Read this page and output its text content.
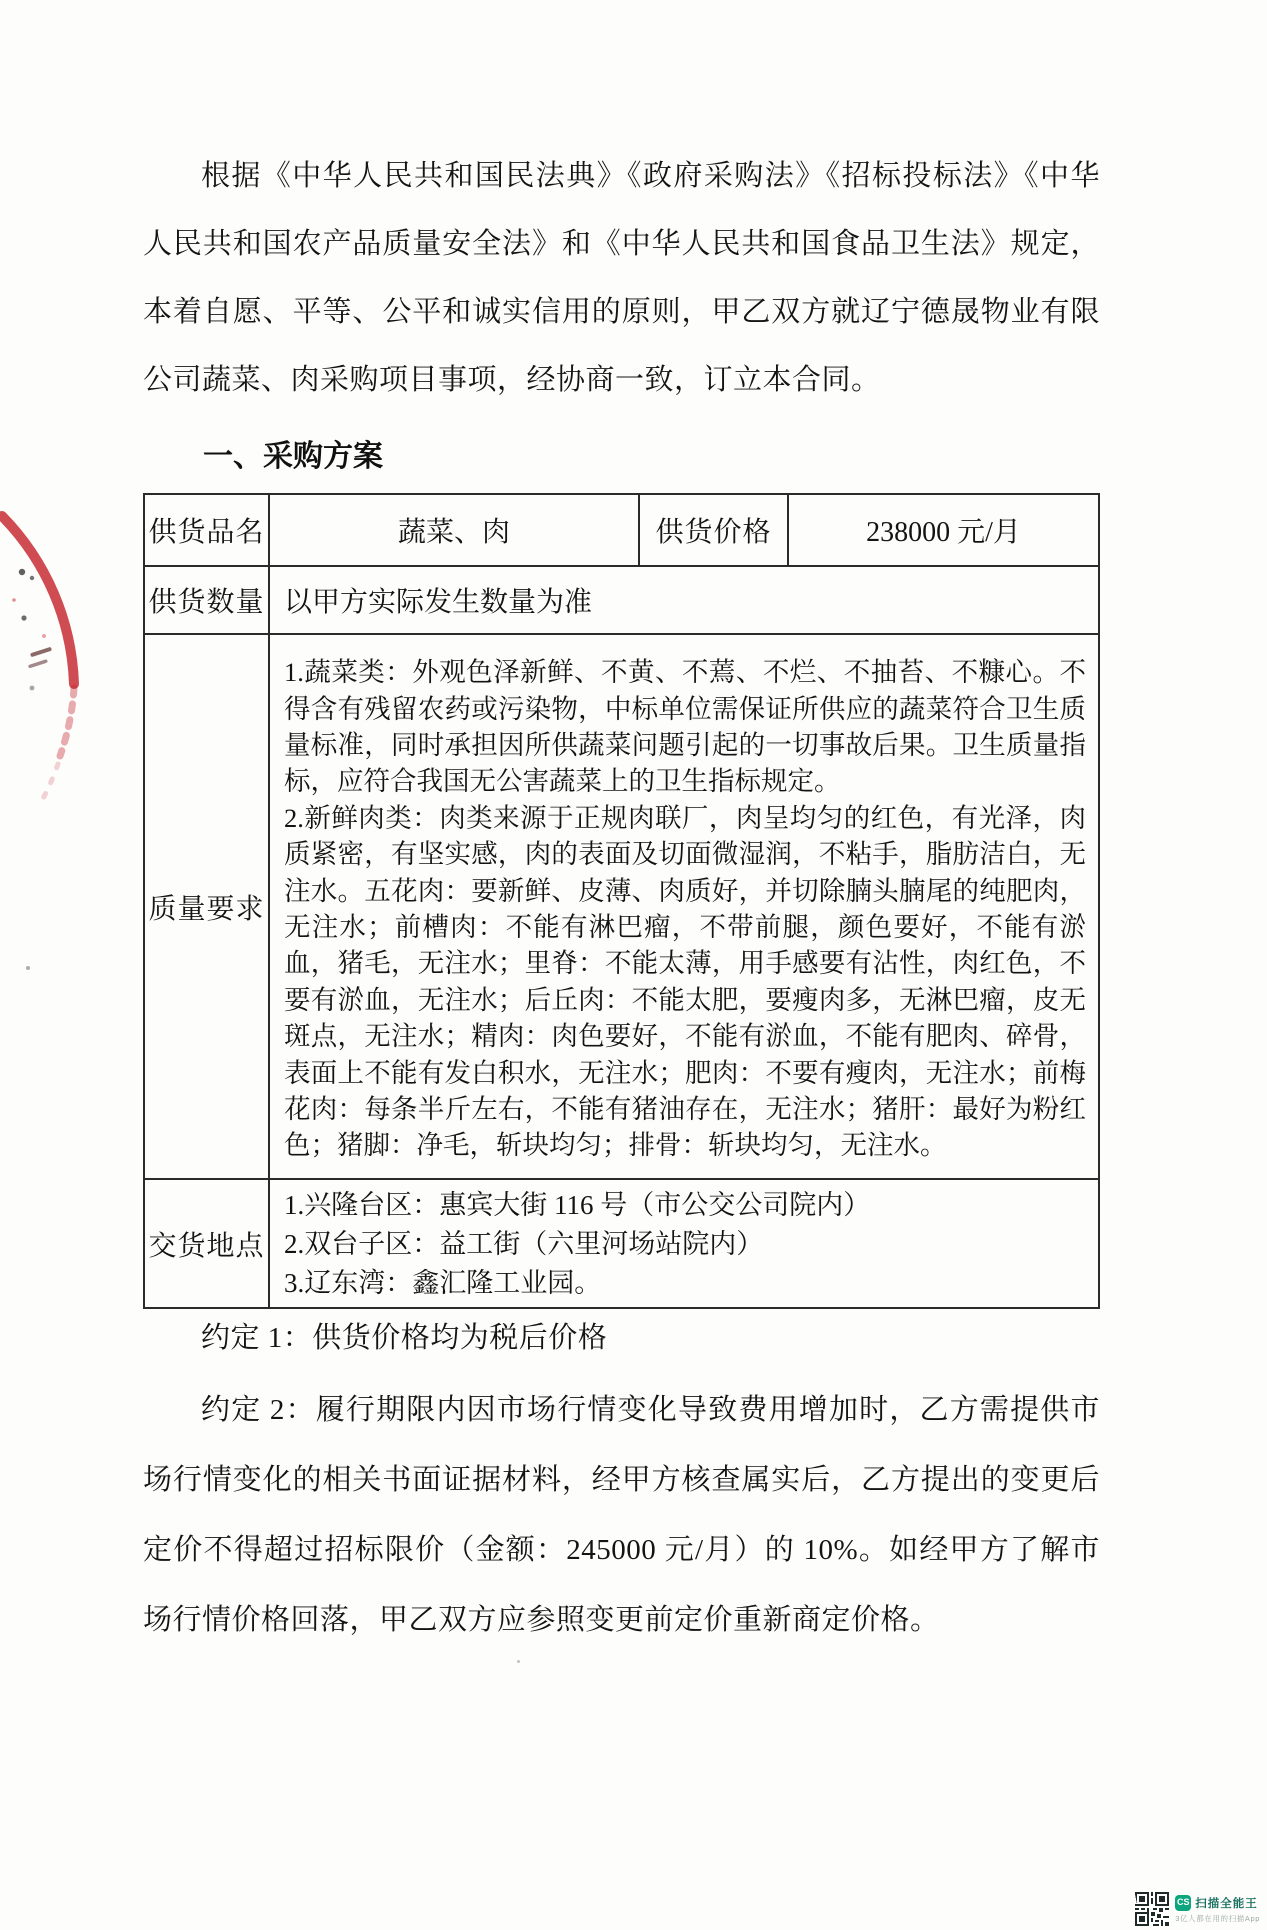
根据《中华人民共和国民法典》《政府采购法》《招标投标法》《中华人民共和国农产品质量安全法》和《中华人民共和国食品卫生法》规定，本着自愿、平等、公平和诚实信用的原则，甲乙双方就辽宁德晟物业有限公司蔬菜、肉采购项目事项，经协商一致，订立本合同。

一、采购方案
供货品名	蔬菜、肉	供货价格	238000 元/月
供货数量	以甲方实际发生数量为准		
质量要求	1.蔬菜类：外观色泽新鲜、不黄、不蔫、不烂、不抽苔、不糠心。不得含有残留农药或污染物，中标单位需保证所供应的蔬菜符合卫生质量标准，同时承担因所供蔬菜问题引起的一切事故后果。卫生质量指标，应符合我国无公害蔬菜上的卫生指标规定。

2.新鲜肉类：肉类来源于正规肉联厂，肉呈均匀的红色，有光泽，肉质紧密，有坚实感，肉的表面及切面微湿润，不粘手，脂肪洁白，无注水。五花肉：要新鲜、皮薄、肉质好，并切除腩头腩尾的纯肥肉，无注水；前槽肉：不能有淋巴瘤，不带前腿，颜色要好，不能有淤血，猪毛，无注水；里脊：不能太薄，用手感要有沾性，肉红色，不要有淤血，无注水；后丘肉：不能太肥，要瘦肉多，无淋巴瘤，皮无斑点，无注水；精肉：肉色要好，不能有淤血，不能有肥肉、碎骨，表面上不能有发白积水，无注水；肥肉：不要有瘦肉，无注水；前梅花肉：每条半斤左右，不能有猪油存在，无注水；猪肝：最好为粉红色；猪脚：净毛，斩块均匀；排骨：斩块均匀，无注水。		

交货地点	1.兴隆台区：惠宾大街 116 号（市公交公司院内）
2.双台子区：益工街（六里河场站院内）
3.辽东湾：鑫汇隆工业园。		

约定 1：供货价格均为税后价格

约定 2：履行期限内因市场行情变化导致费用增加时，乙方需提供市场行情变化的相关书面证据材料，经甲方核查属实后，乙方提出的变更后定价不得超过招标限价（金额：245000 元/月）的 10%。如经甲方了解市场行情价格回落，甲乙双方应参照变更前定价重新商定价格。

CS 扫描全能王
3亿人都在用的扫描App
